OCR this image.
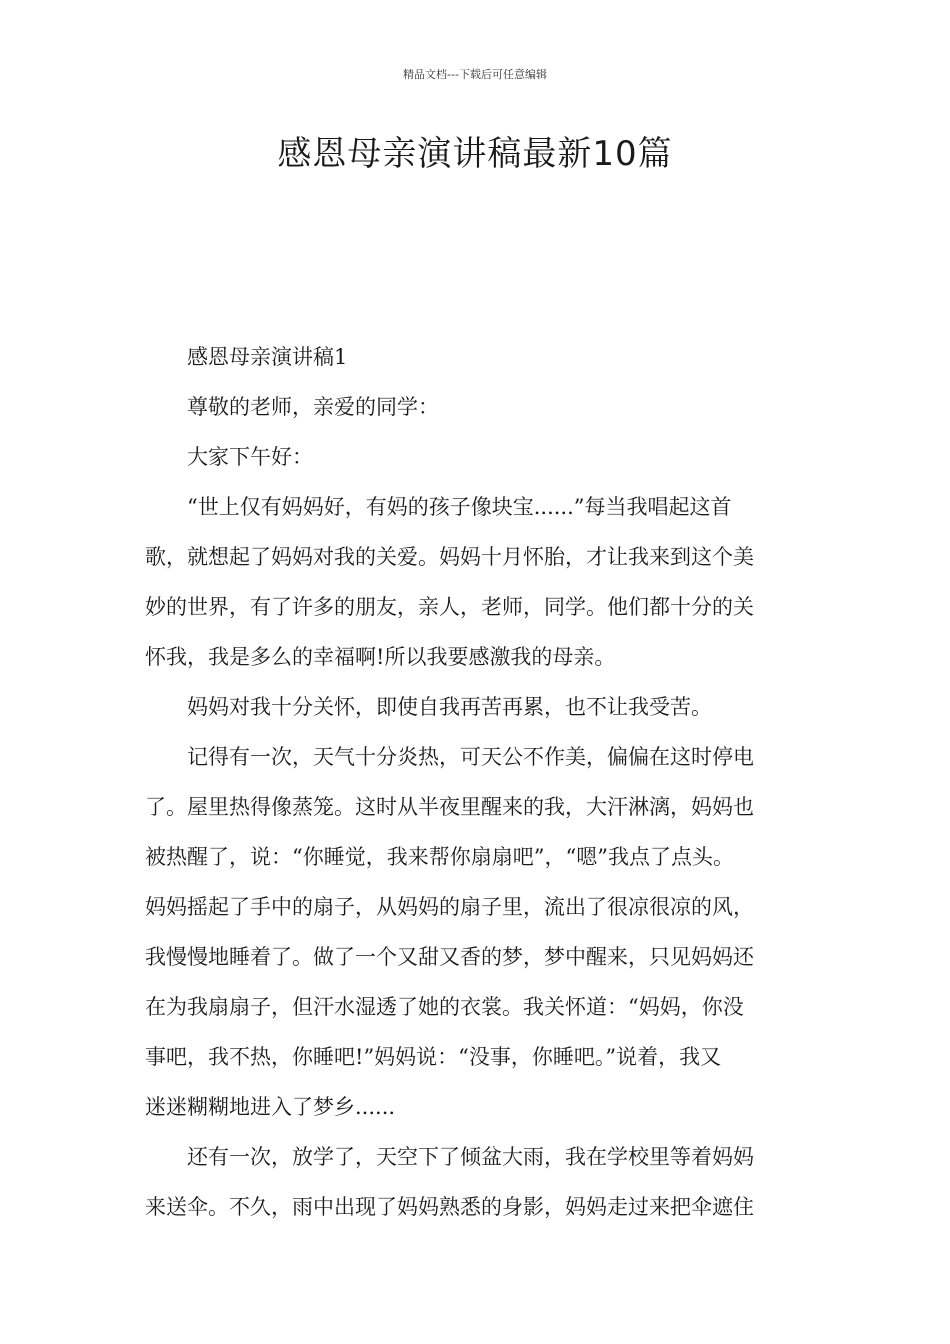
精品文档---下载后可任意编辑
感恩母亲演讲稿最新10篇

感恩母亲演讲稿1

尊敬的老师，亲爱的同学：

大家下午好：

“世上仅有妈妈好，有妈的孩子像块宝......”每当我唱起这首

歌，就想起了妈妈对我的关爱。妈妈十月怀胎，才让我来到这个美

妙的世界，有了许多的朋友，亲人，老师，同学。他们都十分的关

怀我，我是多么的幸福啊!所以我要感激我的母亲。

妈妈对我十分关怀，即使自我再苦再累，也不让我受苦。

记得有一次，天气十分炎热，可天公不作美，偏偏在这时停电

了。屋里热得像蒸笼。这时从半夜里醒来的我，大汗淋漓，妈妈也

被热醒了，说：“你睡觉，我来帮你扇扇吧”，“嗯”我点了点头。

妈妈摇起了手中的扇子，从妈妈的扇子里，流出了很凉很凉的风，

我慢慢地睡着了。做了一个又甜又香的梦，梦中醒来，只见妈妈还

在为我扇扇子，但汗水湿透了她的衣裳。我关怀道：“妈妈，你没

事吧，我不热，你睡吧!”妈妈说：“没事，你睡吧。”说着，我又

迷迷糊糊地进入了梦乡......

还有一次，放学了，天空下了倾盆大雨，我在学校里等着妈妈

来送伞。不久，雨中出现了妈妈熟悉的身影，妈妈走过来把伞遮住
